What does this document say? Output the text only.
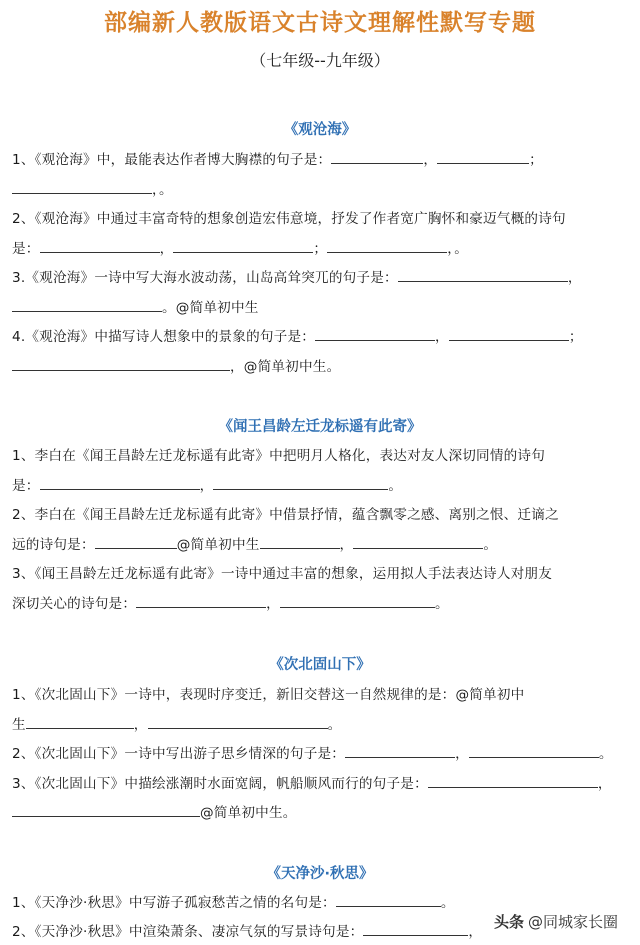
部编新人教版语文古诗文理解性默写专题
（七年级--九年级）
《观沧海》
1、《观沧海》中，最能表达作者博大胸襟的句子是：	，	；
，。
2、《观沧海》中通过丰富奇特的想象创造宏伟意境，抒发了作者宽广胸怀和豪迈气概的诗句
是：	，	；	，。
3.《观沧海》一诗中写大海水波动荡，山岛高耸突兀的句子是：	，
。@简单初中生
4.《观沧海》中描写诗人想象中的景象的句子是：	，	；
，@简单初中生。
《闻王昌龄左迁龙标遥有此寄》
1、李白在《闻王昌龄左迁龙标遥有此寄》中把明月人格化，表达对友人深切同情的诗句
是：	，	。
2、李白在《闻王昌龄左迁龙标遥有此寄》中借景抒情，蕴含飘零之感、离别之恨、迁谪之
远的诗句是：	@简单初中生	，	。
3、《闻王昌龄左迁龙标遥有此寄》一诗中通过丰富的想象，运用拟人手法表达诗人对朋友
深切关心的诗句是：	，	。
《次北固山下》
1、《次北固山下》一诗中，表现时序变迁，新旧交替这一自然规律的是：@简单初中
生	，	。
2、《次北固山下》一诗中写出游子思乡情深的句子是：	，	。
3、《次北固山下》中描绘涨潮时水面宽阔，帆船顺风而行的句子是：	，
@简单初中生。
《天净沙·秋思》
1、《天净沙·秋思》中写游子孤寂愁苦之情的名句是：	。
2、《天净沙·秋思》中渲染萧条、凄凉气氛的写景诗句是：	，
头条 @同城家长圈
